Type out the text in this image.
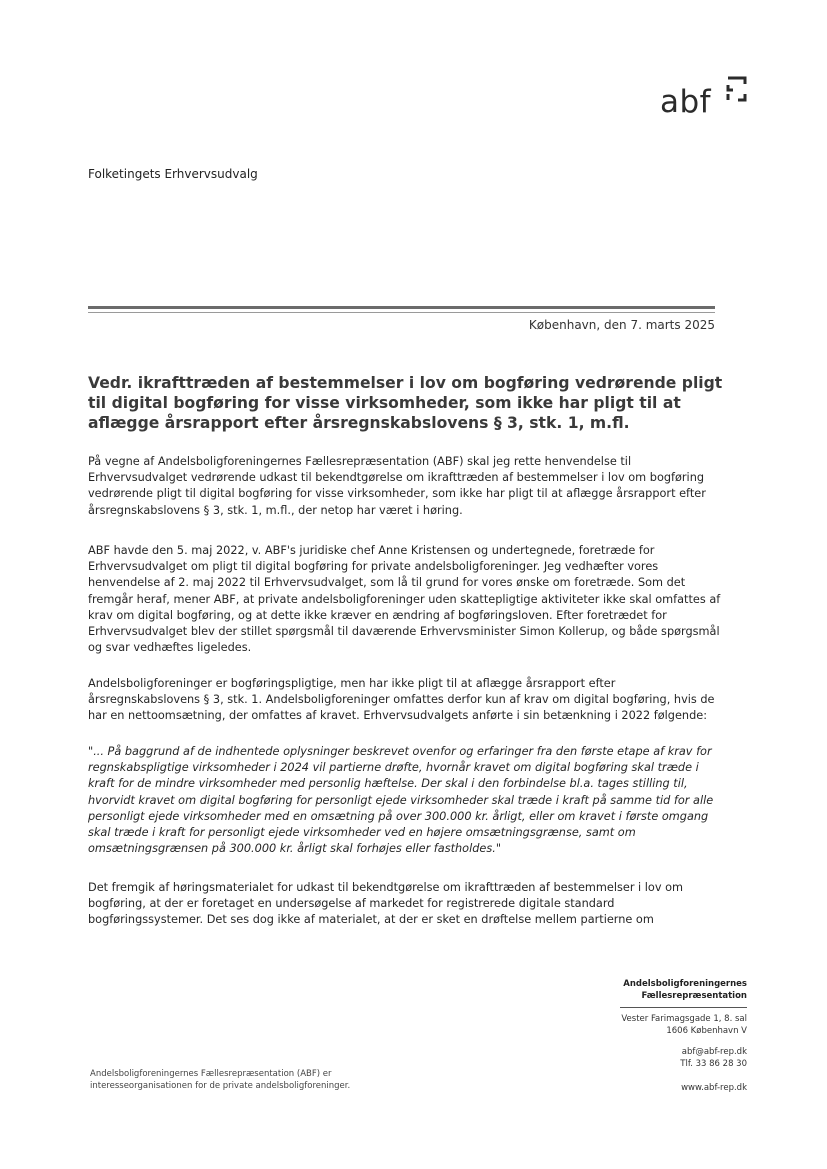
abf
Folketingets Erhvervsudvalg
København, den 7. marts 2025
Vedr. ikrafttræden af bestemmelser i lov om bogføring vedrørende pligt til digital bogføring for visse virksomheder, som ikke har pligt til at aflægge årsrapport efter årsregnskabslovens § 3, stk. 1, m.fl.
På vegne af Andelsboligforeningernes Fællesrepræsentation (ABF) skal jeg rette henvendelse til Erhvervsudvalget vedrørende udkast til bekendtgørelse om ikrafttræden af bestemmelser i lov om bogføring vedrørende pligt til digital bogføring for visse virksomheder, som ikke har pligt til at aflægge årsrapport efter årsregnskabslovens § 3, stk. 1, m.fl., der netop har været i høring.
ABF havde den 5. maj 2022, v. ABF's juridiske chef Anne Kristensen og undertegnede, foretræde for Erhvervsudvalget om pligt til digital bogføring for private andelsboligforeninger. Jeg vedhæfter vores henvendelse af 2. maj 2022 til Erhvervsudvalget, som lå til grund for vores ønske om foretræde. Som det fremgår heraf, mener ABF, at private andelsboligforeninger uden skattepligtige aktiviteter ikke skal omfattes af krav om digital bogføring, og at dette ikke kræver en ændring af bogføringsloven. Efter foretrædet for Erhvervsudvalget blev der stillet spørgsmål til daværende Erhvervsminister Simon Kollerup, og både spørgsmål og svar vedhæftes ligeledes.
Andelsboligforeninger er bogføringspligtige, men har ikke pligt til at aflægge årsrapport efter årsregnskabslovens § 3, stk. 1. Andelsboligforeninger omfattes derfor kun af krav om digital bogføring, hvis de har en nettoomsætning, der omfattes af kravet. Erhvervsudvalgets anførte i sin betænkning i 2022 følgende:
"... På baggrund af de indhentede oplysninger beskrevet ovenfor og erfaringer fra den første etape af krav for regnskabspligtige virksomheder i 2024 vil partierne drøfte, hvornår kravet om digital bogføring skal træde i kraft for de mindre virksomheder med personlig hæftelse. Der skal i den forbindelse bl.a. tages stilling til, hvorvidt kravet om digital bogføring for personligt ejede virksomheder skal træde i kraft på samme tid for alle personligt ejede virksomheder med en omsætning på over 300.000 kr. årligt, eller om kravet i første omgang skal træde i kraft for personligt ejede virksomheder ved en højere omsætningsgrænse, samt om omsætningsgrænsen på 300.000 kr. årligt skal forhøjes eller fastholdes."
Det fremgik af høringsmaterialet for udkast til bekendtgørelse om ikrafttræden af bestemmelser i lov om bogføring, at der er foretaget en undersøgelse af markedet for registrerede digitale standard bogføringssystemer. Det ses dog ikke af materialet, at der er sket en drøftelse mellem partierne om
Andelsboligforeningernes
Fællesrepræsentation
Vester Farimagsgade 1, 8. sal
1606 København V
abf@abf-rep.dk
Tlf. 33 86 28 30
www.abf-rep.dk
Andelsboligforeningernes Fællesrepræsentation (ABF) er
interesseorganisationen for de private andelsboligforeninger.
